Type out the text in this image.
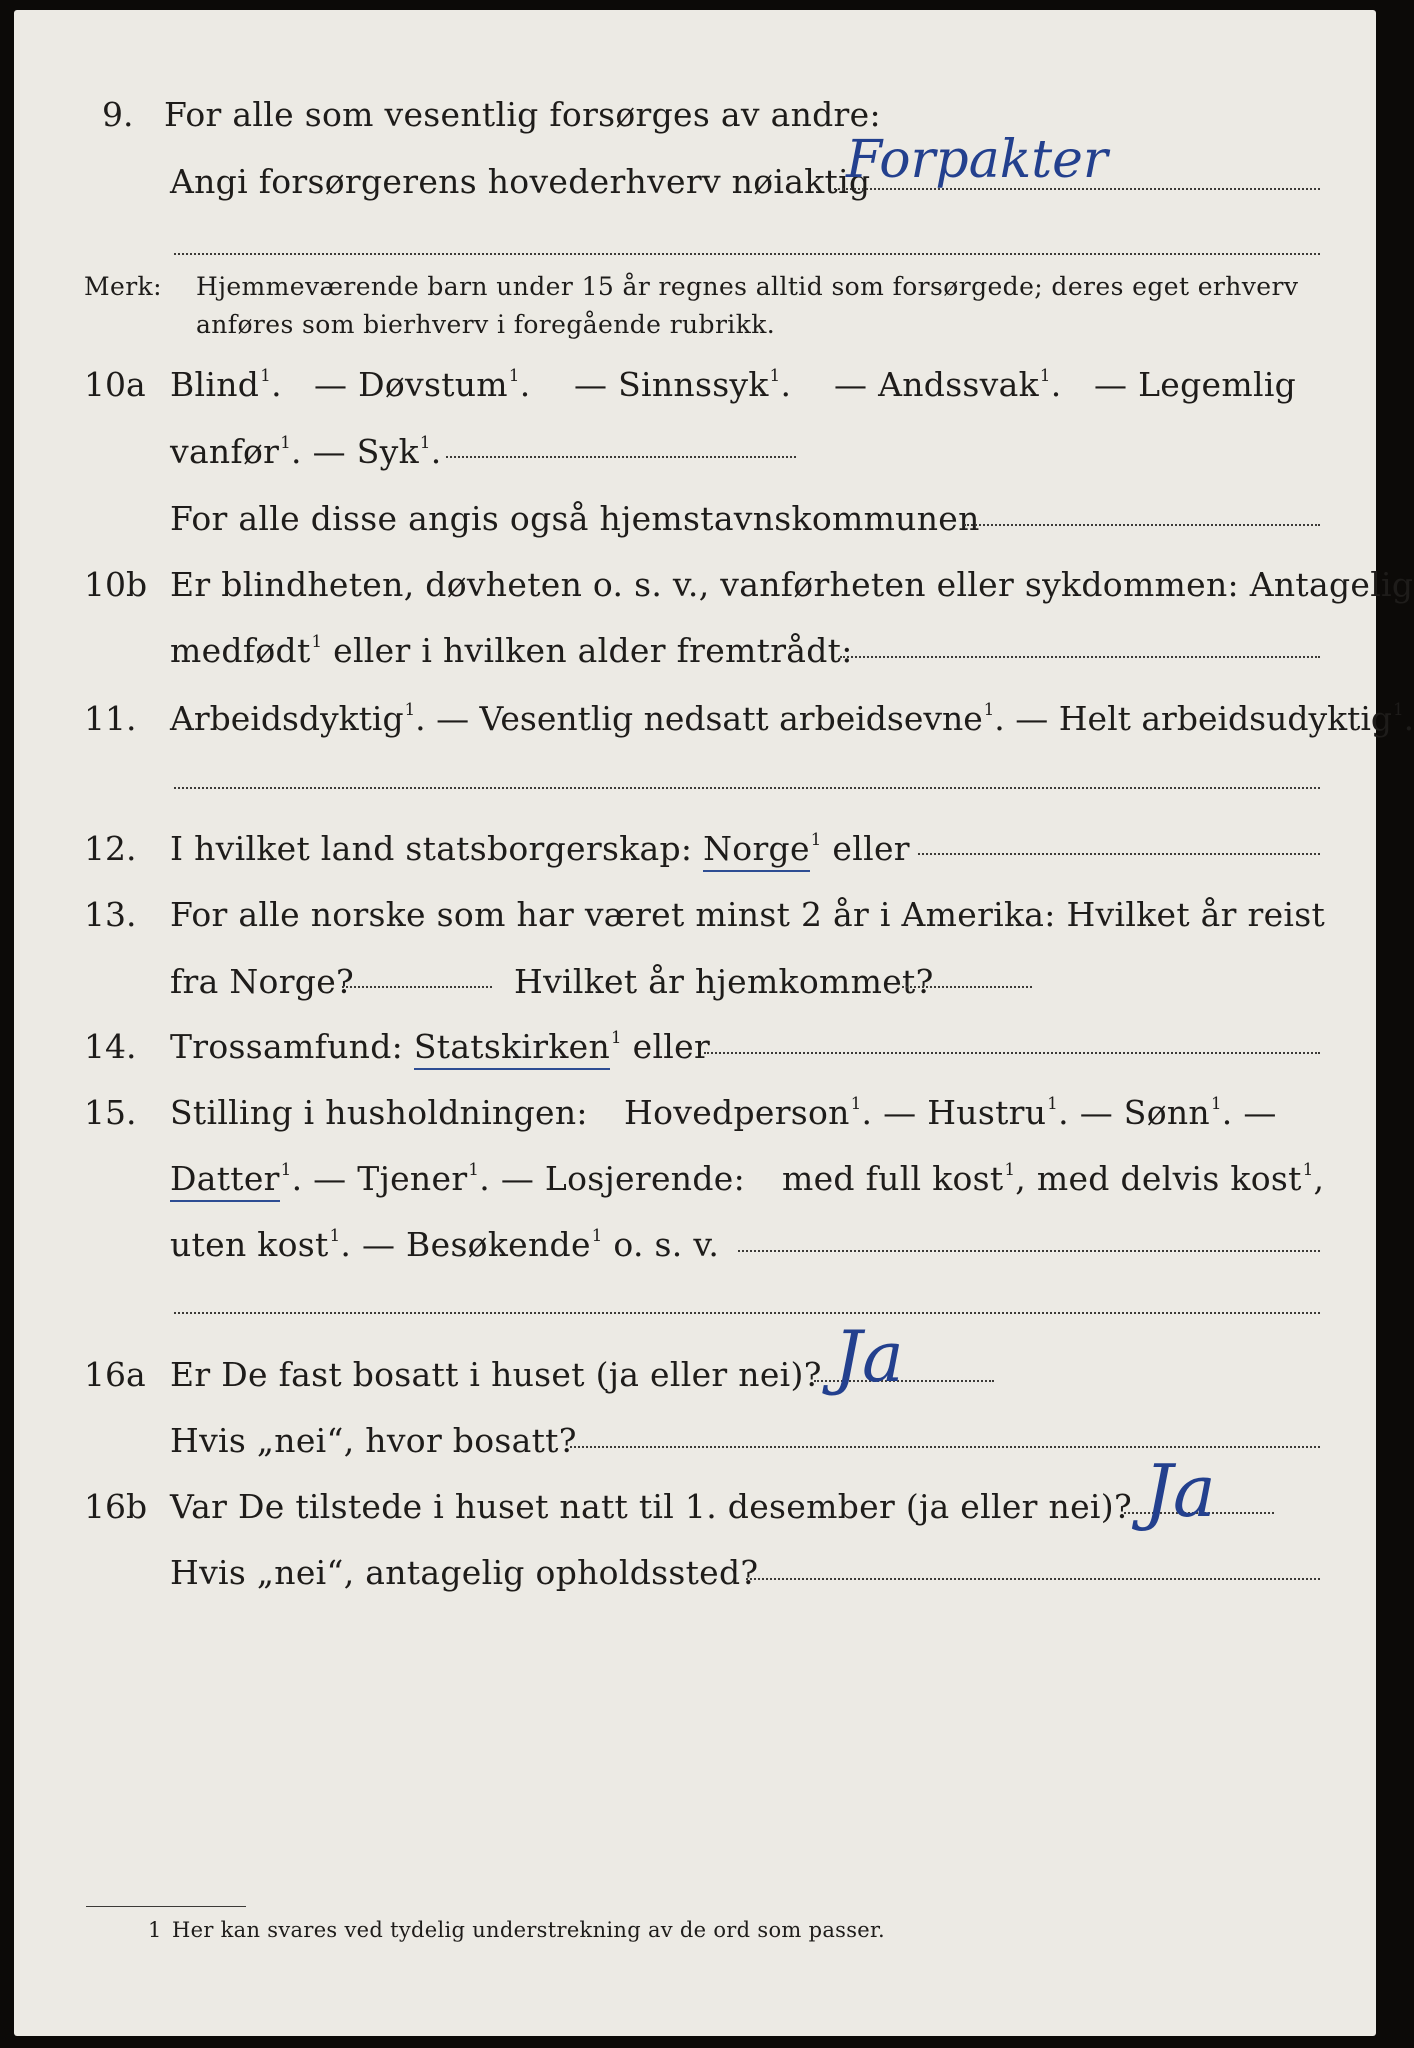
9. For alle som vesentlig forsørges av andre:
Angi forsørgerens hovederhverv nøiaktig
Forpakter
Merk: Hjemmeværende barn under 15 år regnes alltid som forsørgede; deres eget erhverv
anføres som bierhverv i foregående rubrikk.
10a Blind$^1$. — Døvstum$^1$. — Sinnssyk$^1$. — Andssvak$^1$. — Legemlig
vanfør$^1$. — Syk$^1$.
For alle disse angis også hjemstavnskommunen
10b Er blindheten, døvheten o. s. v., vanførheten eller sykdommen: Antagelig
medfødt$^1$ eller i hvilken alder fremtrådt:
11. Arbeidsdyktig$^1$. — Vesentlig nedsatt arbeidsevne$^1$. — Helt arbeidsudyktig$^1$.
12. I hvilket land statsborgerskap: Norge$^1$ eller
13. For alle norske som har været minst 2 år i Amerika: Hvilket år reist
fra Norge?	Hvilket år hjemkommet?
14. Trossamfund: Statskirken$^1$ eller
15. Stilling i husholdningen: Hovedperson$^1$. — Hustru$^1$. — Sønn$^1$. —
Datter$^1$. — Tjener$^1$. — Losjerende: med full kost$^1$, med delvis kost$^1$,
uten kost$^1$. — Besøkende$^1$ o. s. v.
16a Er De fast bosatt i huset (ja eller nei)? Ja
Hvis „nei“, hvor bosatt?
16b Var De tilstede i huset natt til 1. desember (ja eller nei)? Ja
Hvis „nei“, antagelig opholdssted?
1 Her kan svares ved tydelig understrekning av de ord som passer.
